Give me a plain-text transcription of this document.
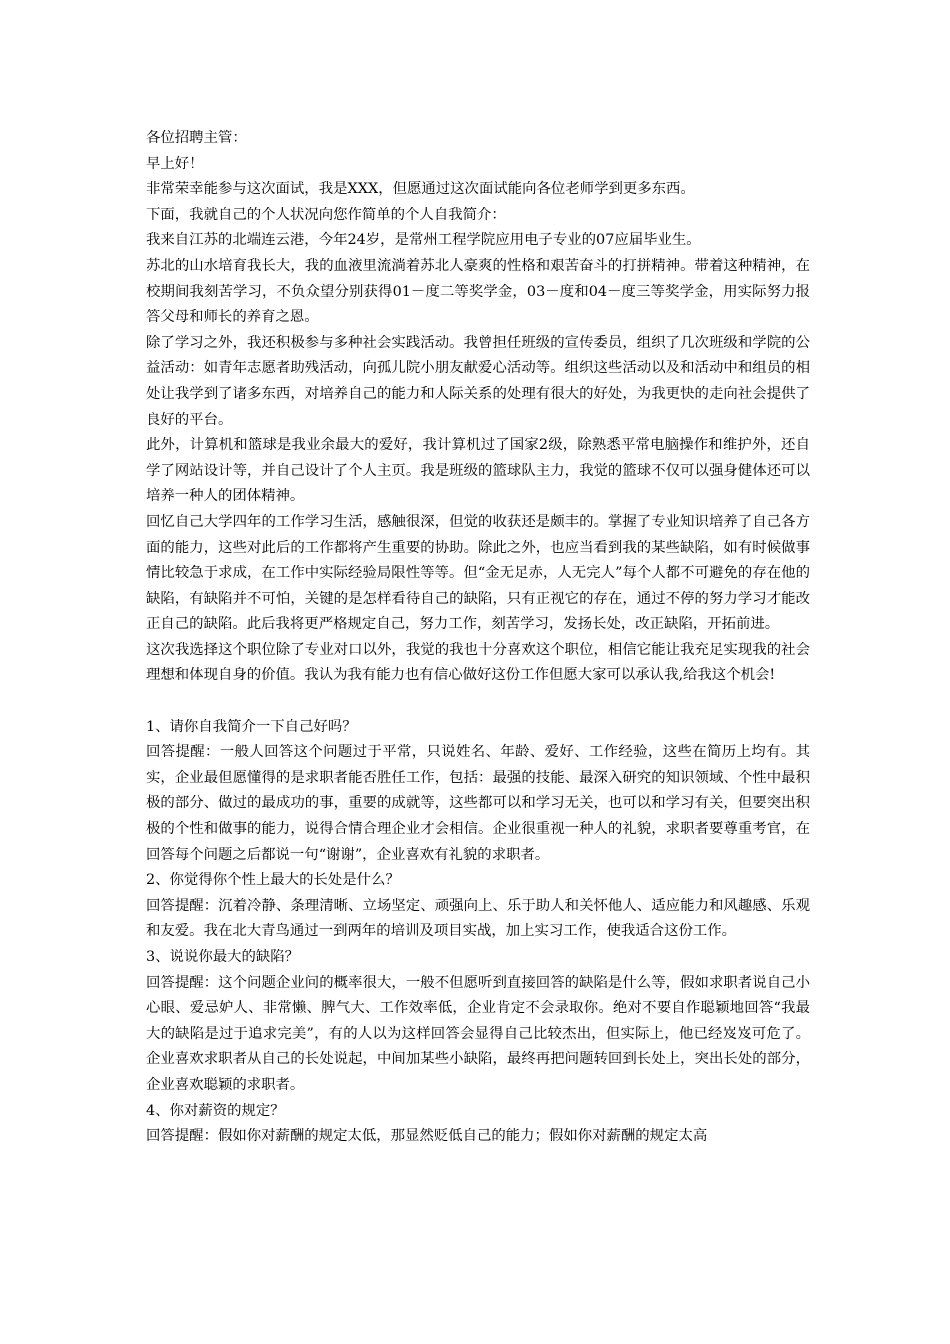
各位招聘主管：

早上好！

非常荣幸能参与这次面试，我是XXX，但愿通过这次面试能向各位老师学到更多东西。

下面，我就自己的个人状况向您作简单的个人自我简介：

我来自江苏的北端连云港，今年24岁，是常州工程学院应用电子专业的07应届毕业生。

苏北的山水培育我长大，我的血液里流淌着苏北人豪爽的性格和艰苦奋斗的打拼精神。带着这种精神，在校期间我刻苦学习，不负众望分别获得01－度二等奖学金，03－度和04－度三等奖学金，用实际努力报答父母和师长的养育之恩。

除了学习之外，我还积极参与多种社会实践活动。我曾担任班级的宣传委员，组织了几次班级和学院的公益活动：如青年志愿者助残活动，向孤儿院小朋友献爱心活动等。组织这些活动以及和活动中和组员的相处让我学到了诸多东西，对培养自己的能力和人际关系的处理有很大的好处，为我更快的走向社会提供了良好的平台。

此外，计算机和篮球是我业余最大的爱好，我计算机过了国家2级，除熟悉平常电脑操作和维护外，还自学了网站设计等，并自己设计了个人主页。我是班级的篮球队主力，我觉的篮球不仅可以强身健体还可以培养一种人的团体精神。

回忆自己大学四年的工作学习生活，感触很深，但觉的收获还是颇丰的。掌握了专业知识培养了自己各方面的能力，这些对此后的工作都将产生重要的协助。除此之外，也应当看到我的某些缺陷，如有时候做事情比较急于求成，在工作中实际经验局限性等等。但“金无足赤，人无完人”每个人都不可避免的存在他的缺陷，有缺陷并不可怕，关键的是怎样看待自己的缺陷，只有正视它的存在，通过不停的努力学习才能改正自己的缺陷。此后我将更严格规定自己，努力工作，刻苦学习，发扬长处，改正缺陷，开拓前进。

这次我选择这个职位除了专业对口以外，我觉的我也十分喜欢这个职位，相信它能让我充足实现我的社会理想和体现自身的价值。我认为我有能力也有信心做好这份工作但愿大家可以承认我,给我这个机会!

1、请你自我简介一下自己好吗？

回答提醒：一般人回答这个问题过于平常，只说姓名、年龄、爱好、工作经验，这些在简历上均有。其实，企业最但愿懂得的是求职者能否胜任工作，包括：最强的技能、最深入研究的知识领域、个性中最积极的部分、做过的最成功的事，重要的成就等，这些都可以和学习无关，也可以和学习有关，但要突出积极的个性和做事的能力，说得合情合理企业才会相信。企业很重视一种人的礼貌，求职者要尊重考官，在回答每个问题之后都说一句“谢谢”，企业喜欢有礼貌的求职者。

2、你觉得你个性上最大的长处是什么？

回答提醒：沉着冷静、条理清晰、立场坚定、顽强向上、乐于助人和关怀他人、适应能力和风趣感、乐观和友爱。我在北大青鸟通过一到两年的培训及项目实战，加上实习工作，使我适合这份工作。

3、说说你最大的缺陷？

回答提醒：这个问题企业问的概率很大，一般不但愿听到直接回答的缺陷是什么等，假如求职者说自己小心眼、爱忌妒人、非常懒、脾气大、工作效率低，企业肯定不会录取你。绝对不要自作聪颖地回答“我最大的缺陷是过于追求完美”，有的人以为这样回答会显得自己比较杰出，但实际上，他已经岌岌可危了。企业喜欢求职者从自己的长处说起，中间加某些小缺陷，最终再把问题转回到长处上，突出长处的部分，企业喜欢聪颖的求职者。

4、你对薪资的规定？

回答提醒：假如你对薪酬的规定太低，那显然贬低自己的能力；假如你对薪酬的规定太高
